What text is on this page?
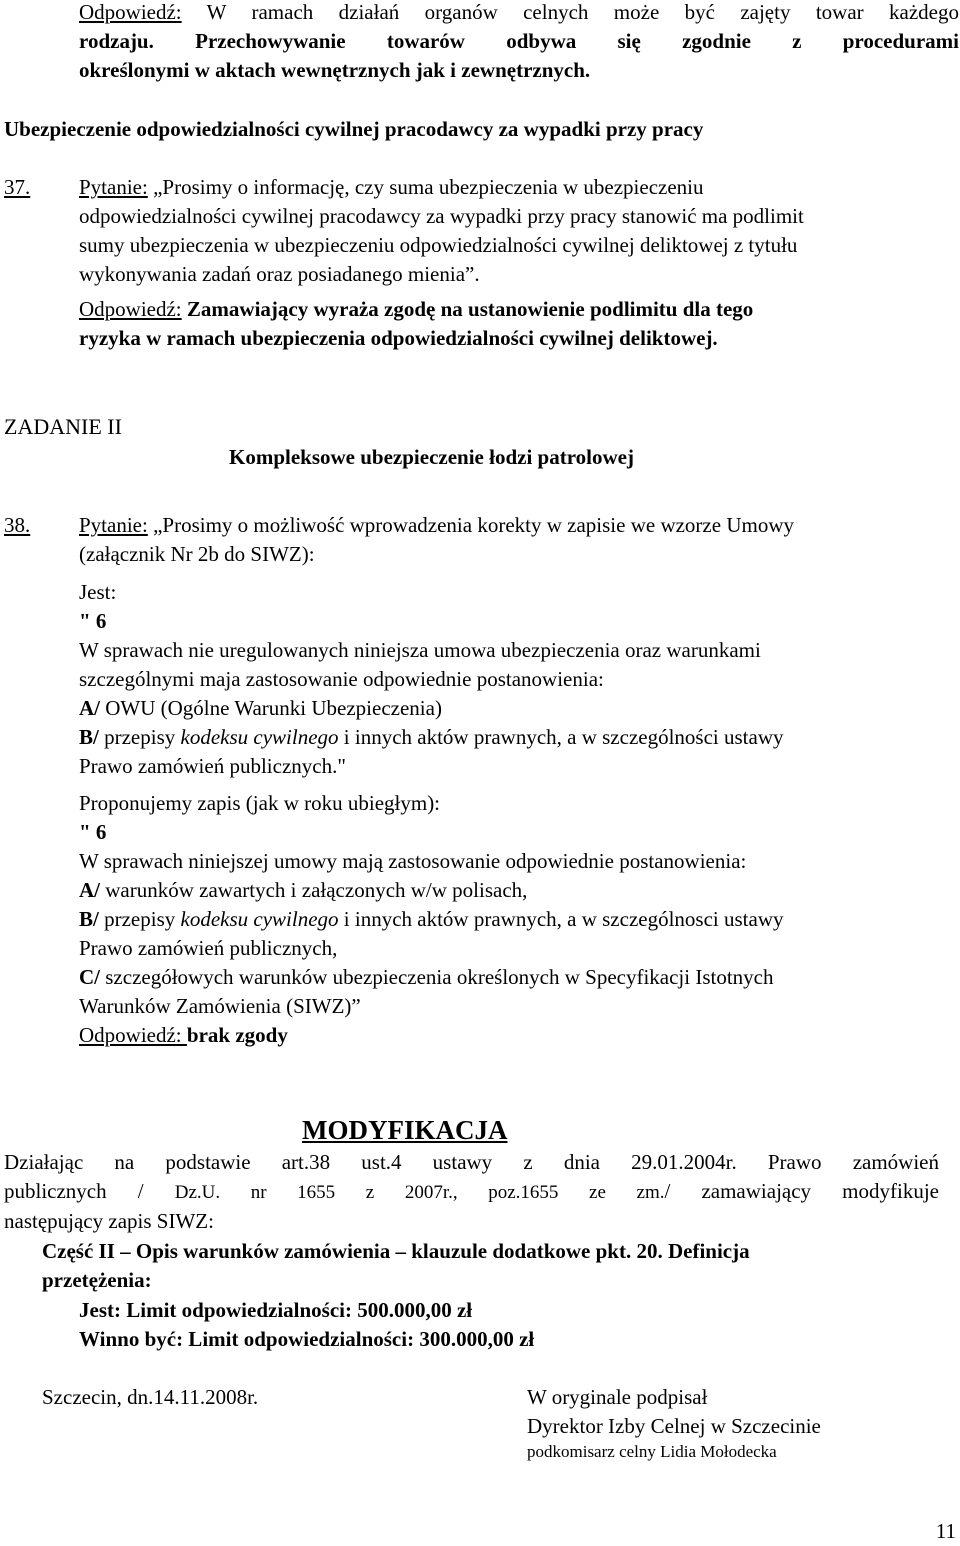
Odpowiedź: W ramach działań organów celnych może być zajęty towar każdego
rodzaju. Przechowywanie towarów odbywa się zgodnie z procedurami
określonymi w aktach wewnętrznych jak i zewnętrznych.
Ubezpieczenie odpowiedzialności cywilnej pracodawcy za wypadki przy pracy
37. Pytanie: „Prosimy o informację, czy suma ubezpieczenia w ubezpieczeniu
odpowiedzialności cywilnej pracodawcy za wypadki przy pracy stanowić ma podlimit
sumy ubezpieczenia w ubezpieczeniu odpowiedzialności cywilnej deliktowej z tytułu
wykonywania zadań oraz posiadanego mienia”.
Odpowiedź: Zamawiający wyraża zgodę na ustanowienie podlimitu dla tego
ryzyka w ramach ubezpieczenia odpowiedzialności cywilnej deliktowej.
ZADANIE II
Kompleksowe ubezpieczenie łodzi patrolowej
38. Pytanie: „Prosimy o możliwość wprowadzenia korekty w zapisie we wzorze Umowy
(załącznik Nr 2b do SIWZ):
Jest:
" 6
W sprawach nie uregulowanych niniejsza umowa ubezpieczenia oraz warunkami
szczególnymi maja zastosowanie odpowiednie postanowienia:
A/ OWU (Ogólne Warunki Ubezpieczenia)
B/ przepisy kodeksu cywilnego i innych aktów prawnych, a w szczególności ustawy
Prawo zamówień publicznych."
Proponujemy zapis (jak w roku ubiegłym):
" 6
W sprawach niniejszej umowy mają zastosowanie odpowiednie postanowienia:
A/ warunków zawartych i załączonych w/w polisach,
B/ przepisy kodeksu cywilnego i innych aktów prawnych, a w szczególnosci ustawy
Prawo zamówień publicznych,
C/ szczegółowych warunków ubezpieczenia określonych w Specyfikacji Istotnych
Warunków Zamówienia (SIWZ)”
Odpowiedź: brak zgody
MODYFIKACJA
Działając na podstawie art.38 ust.4 ustawy z dnia 29.01.2004r. Prawo zamówień
publicznych / Dz.U. nr 1655 z 2007r., poz.1655 ze zm./ zamawiający modyfikuje
następujący zapis SIWZ:
Część II – Opis warunków zamówienia – klauzule dodatkowe pkt. 20. Definicja
przetężenia:
Jest: Limit odpowiedzialności: 500.000,00 zł
Winno być: Limit odpowiedzialności: 300.000,00 zł
Szczecin, dn.14.11.2008r.	W oryginale podpisał
Dyrektor Izby Celnej w Szczecinie
podkomisarz celny Lidia Mołodecka
11
